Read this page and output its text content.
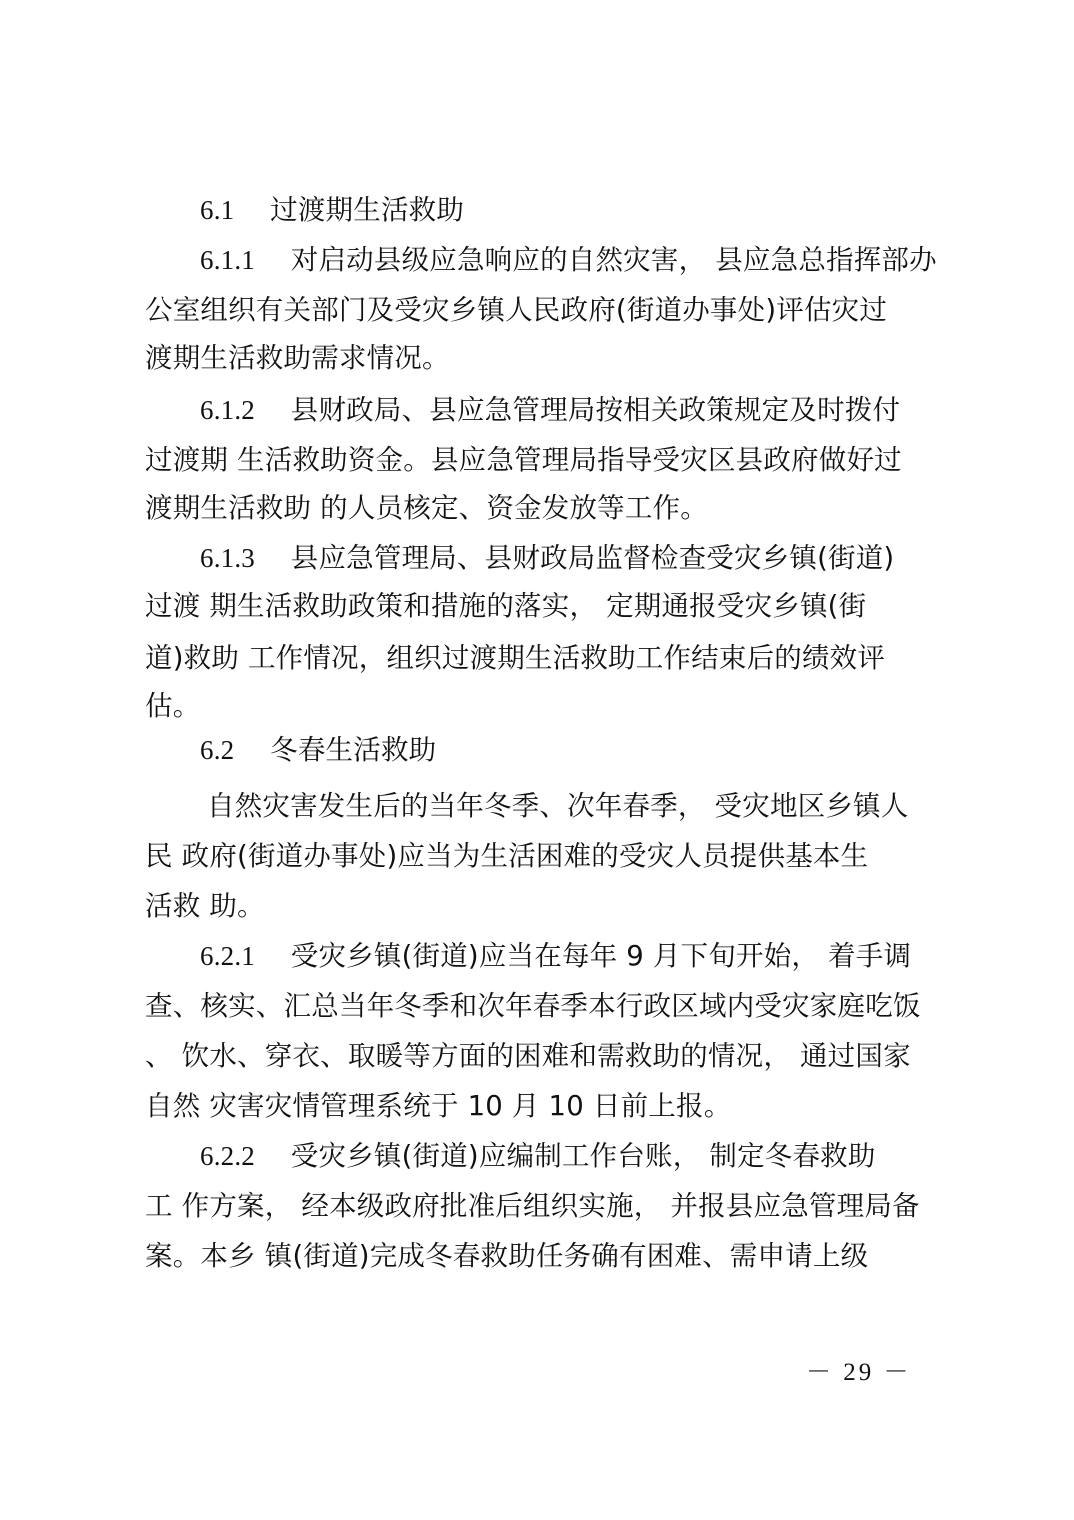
6.1 过渡期生活救助

6.1.1 对启动县级应急响应的自然灾害， 县应急总指挥部办

公室组织有关部门及受灾乡镇人民政府(街道办事处)评估灾过

渡期生活救助需求情况。

6.1.2 县财政局、县应急管理局按相关政策规定及时拨付

过渡期 生活救助资金。县应急管理局指导受灾区县政府做好过

渡期生活救助 的人员核定、资金发放等工作。

6.1.3 县应急管理局、县财政局监督检查受灾乡镇(街道)

过渡 期生活救助政策和措施的落实， 定期通报受灾乡镇(街

道)救助 工作情况，组织过渡期生活救助工作结束后的绩效评

估。

6.2 冬春生活救助

自然灾害发生后的当年冬季、次年春季， 受灾地区乡镇人

民 政府(街道办事处)应当为生活困难的受灾人员提供基本生

活救 助。

6.2.1 受灾乡镇(街道)应当在每年 9 月下旬开始， 着手调

查、核实、汇总当年冬季和次年春季本行政区域内受灾家庭吃饭

、 饮水、穿衣、取暖等方面的困难和需救助的情况， 通过国家

自然 灾害灾情管理系统于 10 月 10 日前上报。

6.2.2 受灾乡镇(街道)应编制工作台账， 制定冬春救助

工 作方案， 经本级政府批准后组织实施， 并报县应急管理局备

案。本乡 镇(街道)完成冬春救助任务确有困难、需申请上级

－ 29 －
